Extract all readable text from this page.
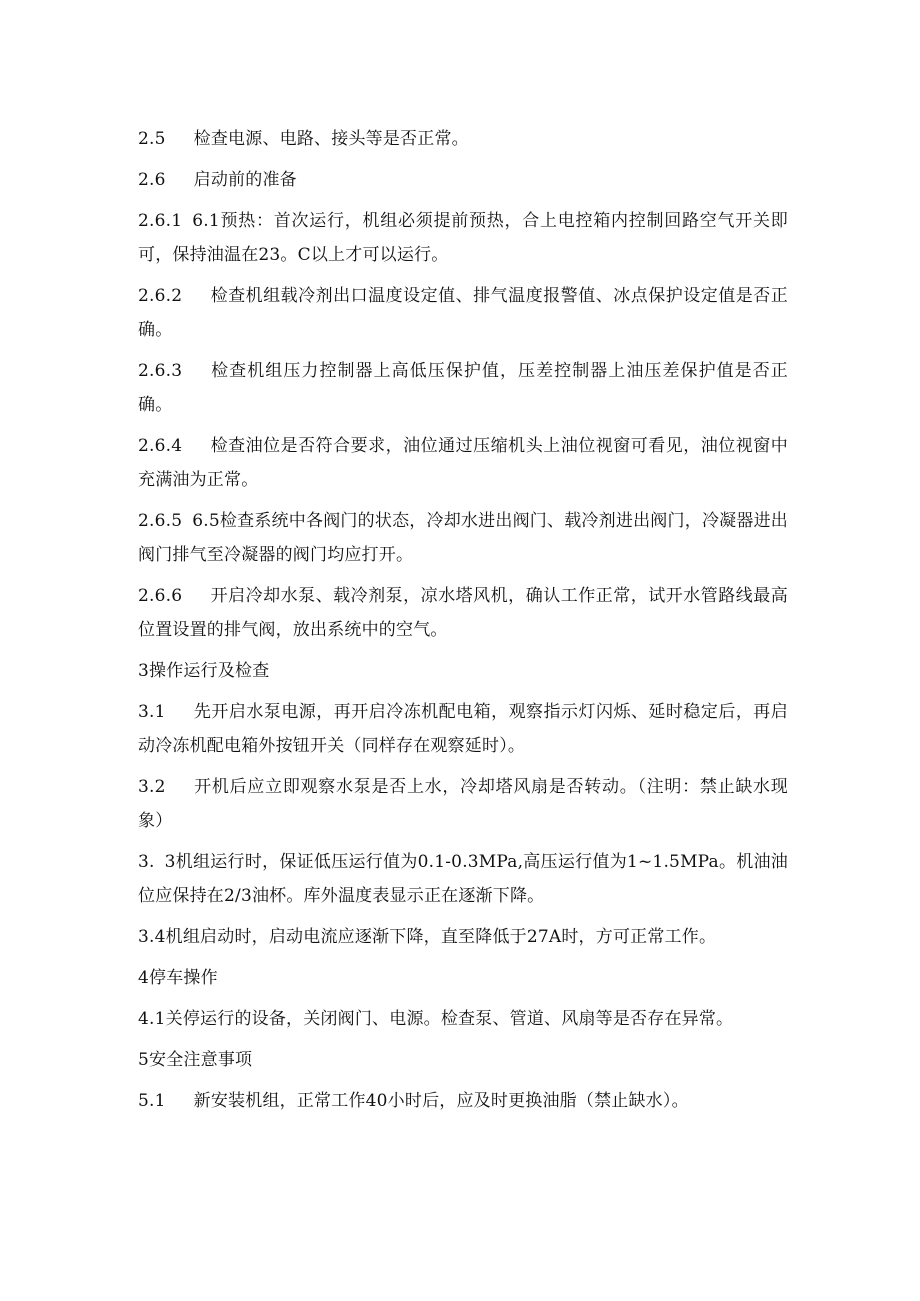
2.5 检查电源、电路、接头等是否正常。

2.6 启动前的准备

2.6.1 6.1预热：首次运行，机组必须提前预热，合上电控箱内控制回路空气开关即可，保持油温在23。C以上才可以运行。

2.6.2 检查机组载冷剂出口温度设定值、排气温度报警值、冰点保护设定值是否正确。

2.6.3 检查机组压力控制器上高低压保护值，压差控制器上油压差保护值是否正确。

2.6.4 检查油位是否符合要求，油位通过压缩机头上油位视窗可看见，油位视窗中充满油为正常。

2.6.5 6.5检查系统中各阀门的状态，冷却水进出阀门、载冷剂进出阀门，冷凝器进出阀门排气至冷凝器的阀门均应打开。

2.6.6 开启冷却水泵、载冷剂泵，凉水塔风机，确认工作正常，试开水管路线最高位置设置的排气阀，放出系统中的空气。

3操作运行及检查

3.1 先开启水泵电源，再开启冷冻机配电箱，观察指示灯闪烁、延时稳定后，再启动冷冻机配电箱外按钮开关（同样存在观察延时）。

3.2 开机后应立即观察水泵是否上水，冷却塔风扇是否转动。（注明：禁止缺水现象）

3. 3机组运行时，保证低压运行值为0.1-0.3MPa,高压运行值为1~1.5MPa。机油油位应保持在2/3油杯。库外温度表显示正在逐渐下降。

3.4机组启动时，启动电流应逐渐下降，直至降低于27A时，方可正常工作。

4停车操作

4.1关停运行的设备，关闭阀门、电源。检查泵、管道、风扇等是否存在异常。

5安全注意事项

5.1 新安装机组，正常工作40小时后，应及时更换油脂（禁止缺水）。
